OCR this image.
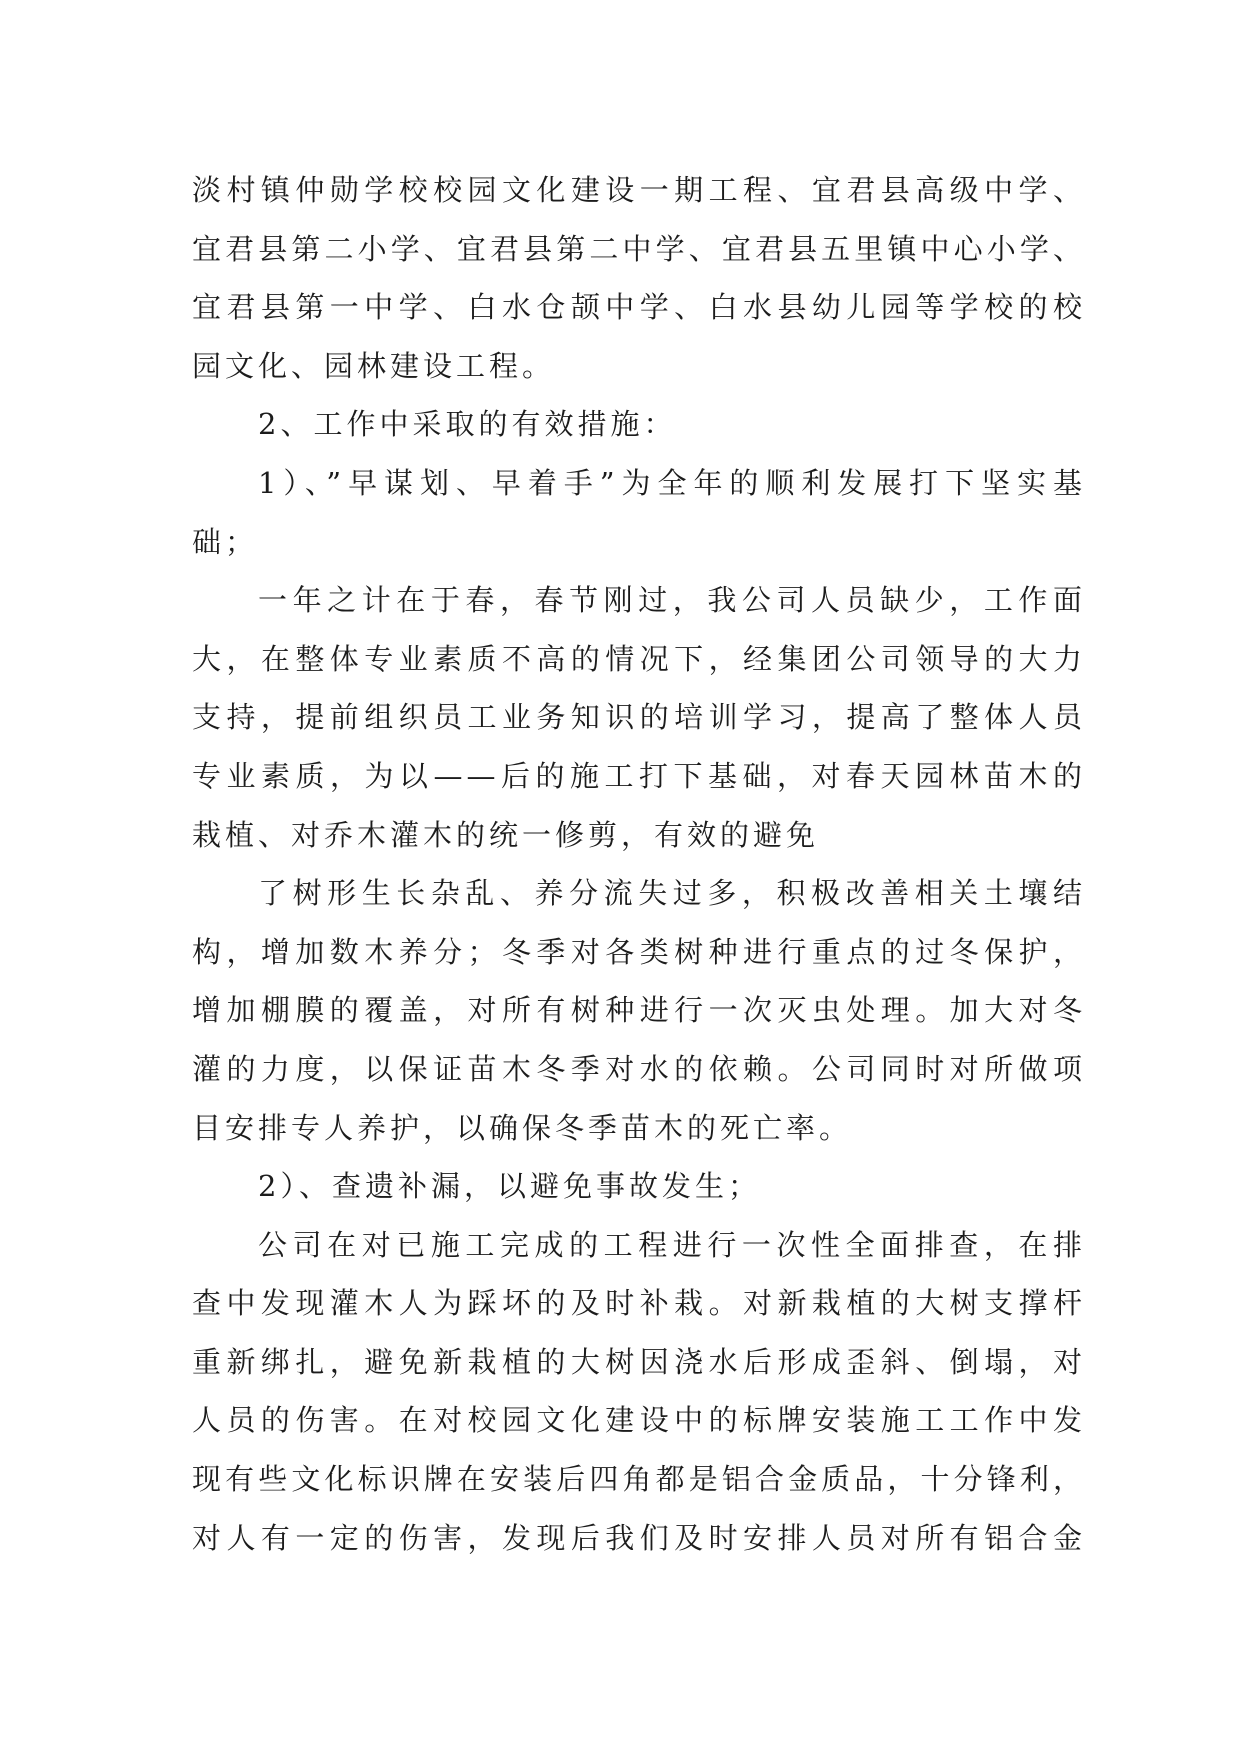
淡村镇仲勋学校校园文化建设一期工程、宜君县高级中学、
宜君县第二小学、宜君县第二中学、宜君县五里镇中心小学、
宜君县第一中学、白水仓颉中学、白水县幼儿园等学校的校
园文化、园林建设工程。
2、工作中采取的有效措施：
1）、”早谋划、早着手”为全年的顺利发展打下坚实基
础；
一年之计在于春，春节刚过，我公司人员缺少，工作面
大，在整体专业素质不高的情况下，经集团公司领导的大力
支持，提前组织员工业务知识的培训学习，提高了整体人员
专业素质，为以——后的施工打下基础，对春天园林苗木的
栽植、对乔木灌木的统一修剪，有效的避免
了树形生长杂乱、养分流失过多，积极改善相关土壤结
构，增加数木养分；冬季对各类树种进行重点的过冬保护，
增加棚膜的覆盖，对所有树种进行一次灭虫处理。加大对冬
灌的力度，以保证苗木冬季对水的依赖。公司同时对所做项
目安排专人养护，以确保冬季苗木的死亡率。
2）、查遗补漏，以避免事故发生；
公司在对已施工完成的工程进行一次性全面排查，在排
查中发现灌木人为踩坏的及时补栽。对新栽植的大树支撑杆
重新绑扎，避免新栽植的大树因浇水后形成歪斜、倒塌，对
人员的伤害。在对校园文化建设中的标牌安装施工工作中发
现有些文化标识牌在安装后四角都是铝合金质品，十分锋利，
对人有一定的伤害，发现后我们及时安排人员对所有铝合金
